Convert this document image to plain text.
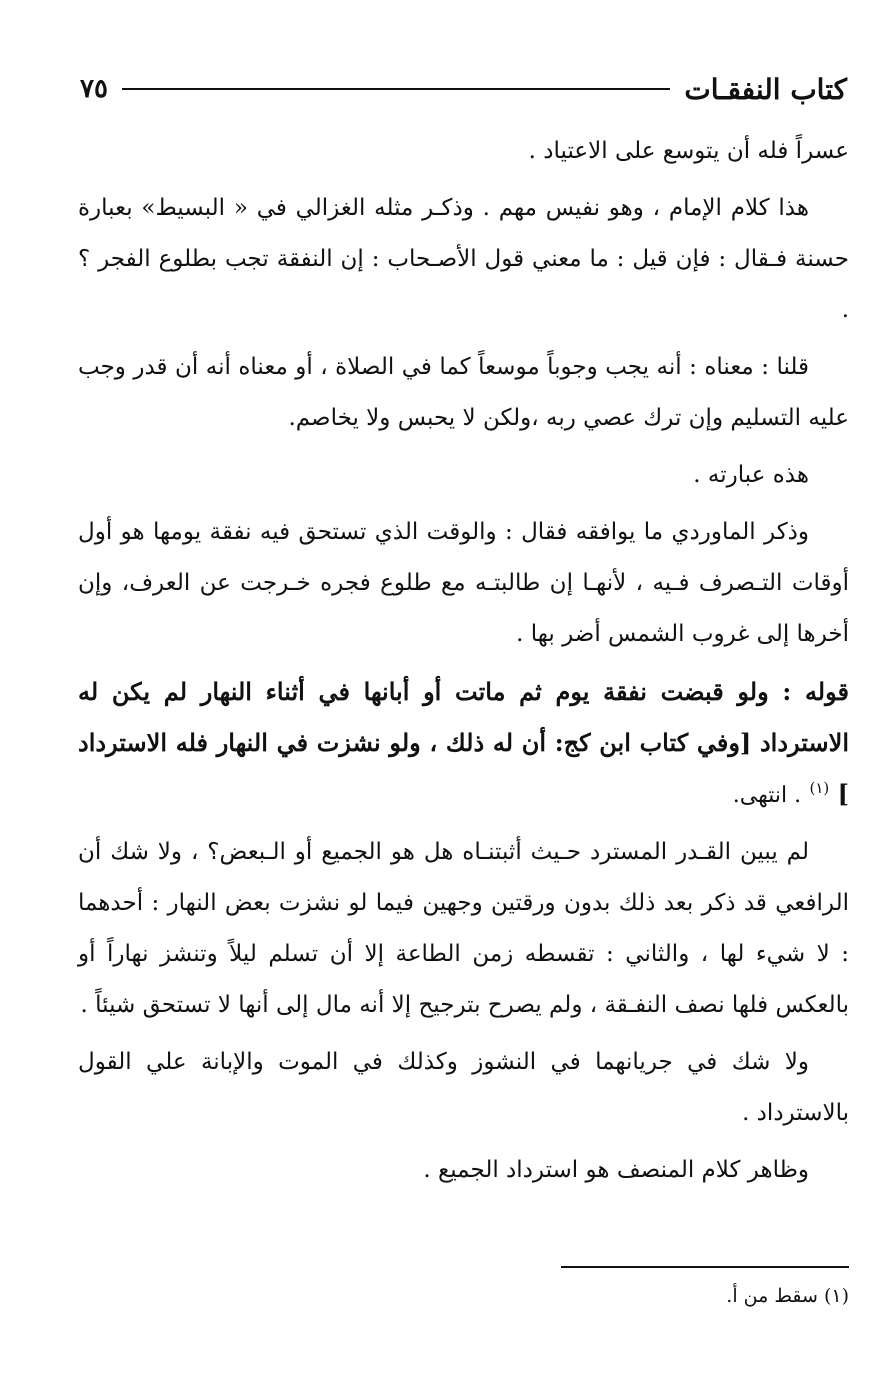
كتاب النفقـات
٧٥

عسراً فله أن يتوسع على الاعتياد .

هذا كلام الإمام ، وهو نفيس مهم . وذكـر مثله الغزالي في « البسيط» بعبارة حسنة فـقال : فإن قيل : ما معني قول الأصـحاب : إن النفقة تجب بطلوع الفجر ؟ .

قلنا : معناه : أنه يجب وجوباً موسعاً كما في الصلاة ، أو معناه أنه أن قدر وجب عليه التسليم وإن ترك عصي ربه ،ولكن لا يحبس ولا يخاصم.

هذه عبارته .

وذكر الماوردي ما يوافقه فقال : والوقت الذي تستحق فيه نفقة يومها هو أول أوقات التـصرف فـيه ، لأنهـا إن طالبتـه مع طلوع فجره خـرجت عن العرف، وإن أخرها إلى غروب الشمس أضر بها .

قوله : ولو قبضت نفقة يوم ثم ماتت أو أبانها في أثناء النهار لم يكن له الاسترداد [وفي كتاب ابن كج: أن له ذلك ، ولو نشزت في النهار فله الاسترداد ] $^{(١)}$ . انتهى.

لم يبين القـدر المسترد حـيث أثبتنـاه هل هو الجميع أو الـبعض؟ ، ولا شك أن الرافعي قد ذكر بعد ذلك بدون ورقتين وجهين فيما لو نشزت بعض النهار : أحدهما : لا شيء لها ، والثاني : تقسطه زمن الطاعة إلا أن تسلم ليلاً وتنشز نهاراً أو بالعكس فلها نصف النفـقة ، ولم يصرح بترجيح إلا أنه مال إلى أنها لا تستحق شيئاً .

ولا شك في جريانهما في النشوز وكذلك في الموت والإبانة علي القول بالاسترداد .

وظاهر كلام المنصف هو استرداد الجميع .

(١) سقط من أ.
